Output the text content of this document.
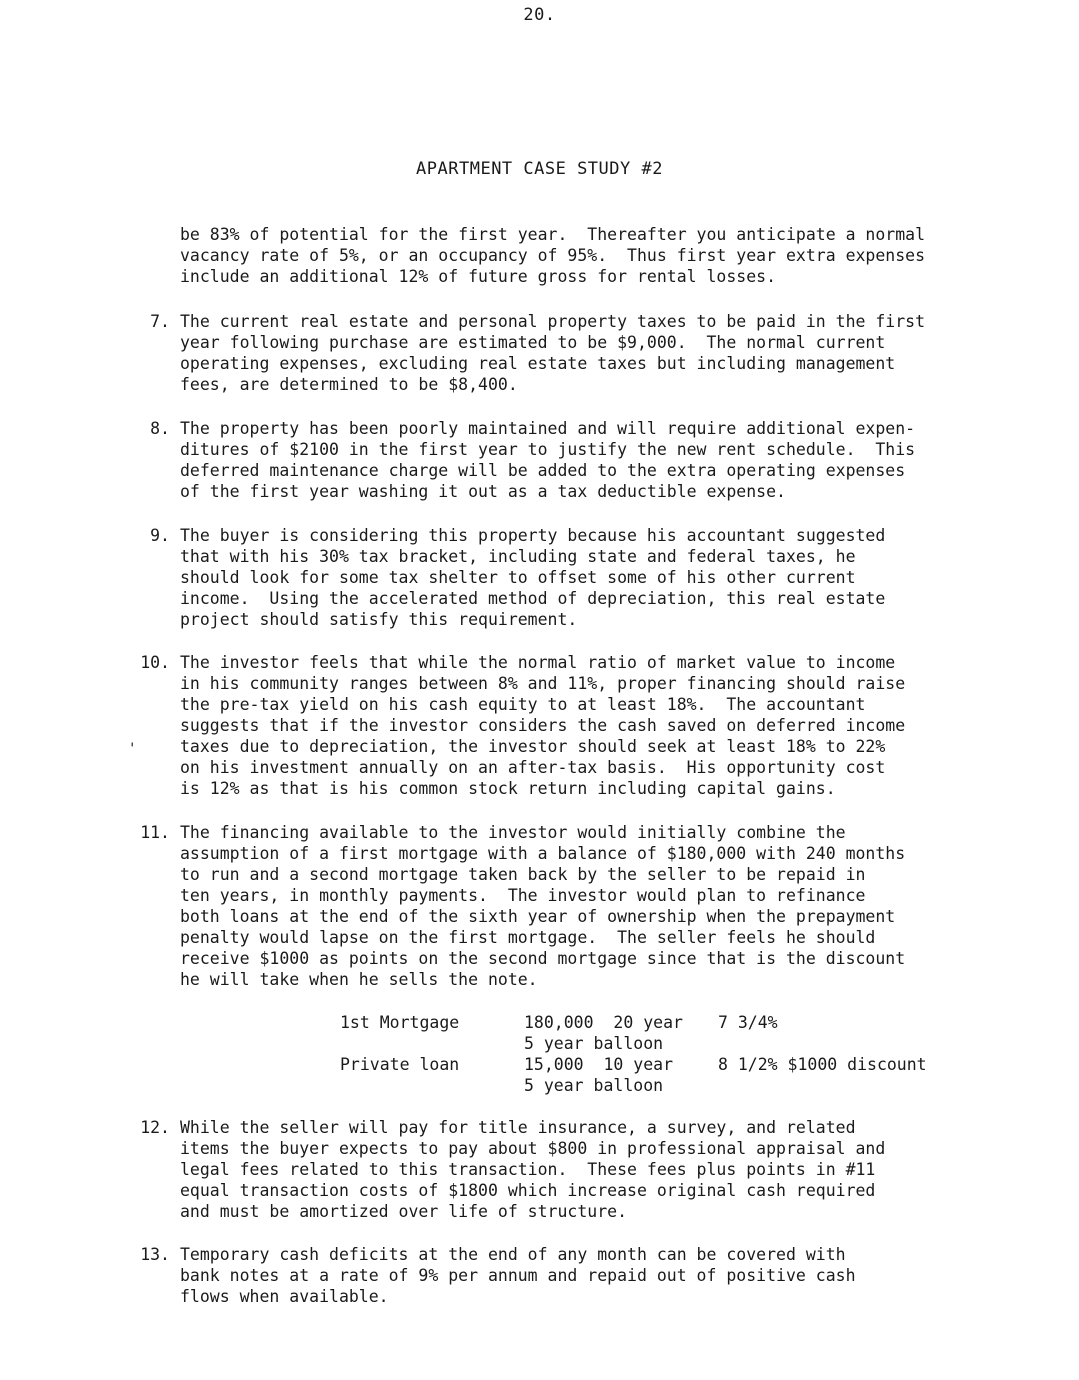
20.
APARTMENT CASE STUDY #2
be 83% of potential for the first year.  Thereafter you anticipate a normal
vacancy rate of 5%, or an occupancy of 95%.  Thus first year extra expenses
include an additional 12% of future gross for rental losses.
7. The current real estate and personal property taxes to be paid in the first
year following purchase are estimated to be $9,000.  The normal current
operating expenses, excluding real estate taxes but including management
fees, are determined to be $8,400.
8. The property has been poorly maintained and will require additional expen-
ditures of $2100 in the first year to justify the new rent schedule.  This
deferred maintenance charge will be added to the extra operating expenses
of the first year washing it out as a tax deductible expense.
9. The buyer is considering this property because his accountant suggested
that with his 30% tax bracket, including state and federal taxes, he
should look for some tax shelter to offset some of his other current
income.  Using the accelerated method of depreciation, this real estate
project should satisfy this requirement.
10.
'
The investor feels that while the normal ratio of market value to income
in his community ranges between 8% and 11%, proper financing should raise
the pre-tax yield on his cash equity to at least 18%.  The accountant
suggests that if the investor considers the cash saved on deferred income
taxes due to depreciation, the investor should seek at least 18% to 22%
on his investment annually on an after-tax basis.  His opportunity cost
is 12% as that is his common stock return including capital gains.
11. The financing available to the investor would initially combine the
assumption of a first mortgage with a balance of $180,000 with 240 months
to run and a second mortgage taken back by the seller to be repaid in
ten years, in monthly payments.  The investor would plan to refinance
both loans at the end of the sixth year of ownership when the prepayment
penalty would lapse on the first mortgage.  The seller feels he should
receive $1000 as points on the second mortgage since that is the discount
he will take when he sells the note.
1st Mortgage	180,000  20 year 7 3/4%
5 year balloon
Private loan	15,000  10 year	8 1/2% $1000 discount
5 year balloon
12. While the seller will pay for title insurance, a survey, and related
items the buyer expects to pay about $800 in professional appraisal and
legal fees related to this transaction.  These fees plus points in #11
equal transaction costs of $1800 which increase original cash required
and must be amortized over life of structure.
13. Temporary cash deficits at the end of any month can be covered with
bank notes at a rate of 9% per annum and repaid out of positive cash
flows when available.
